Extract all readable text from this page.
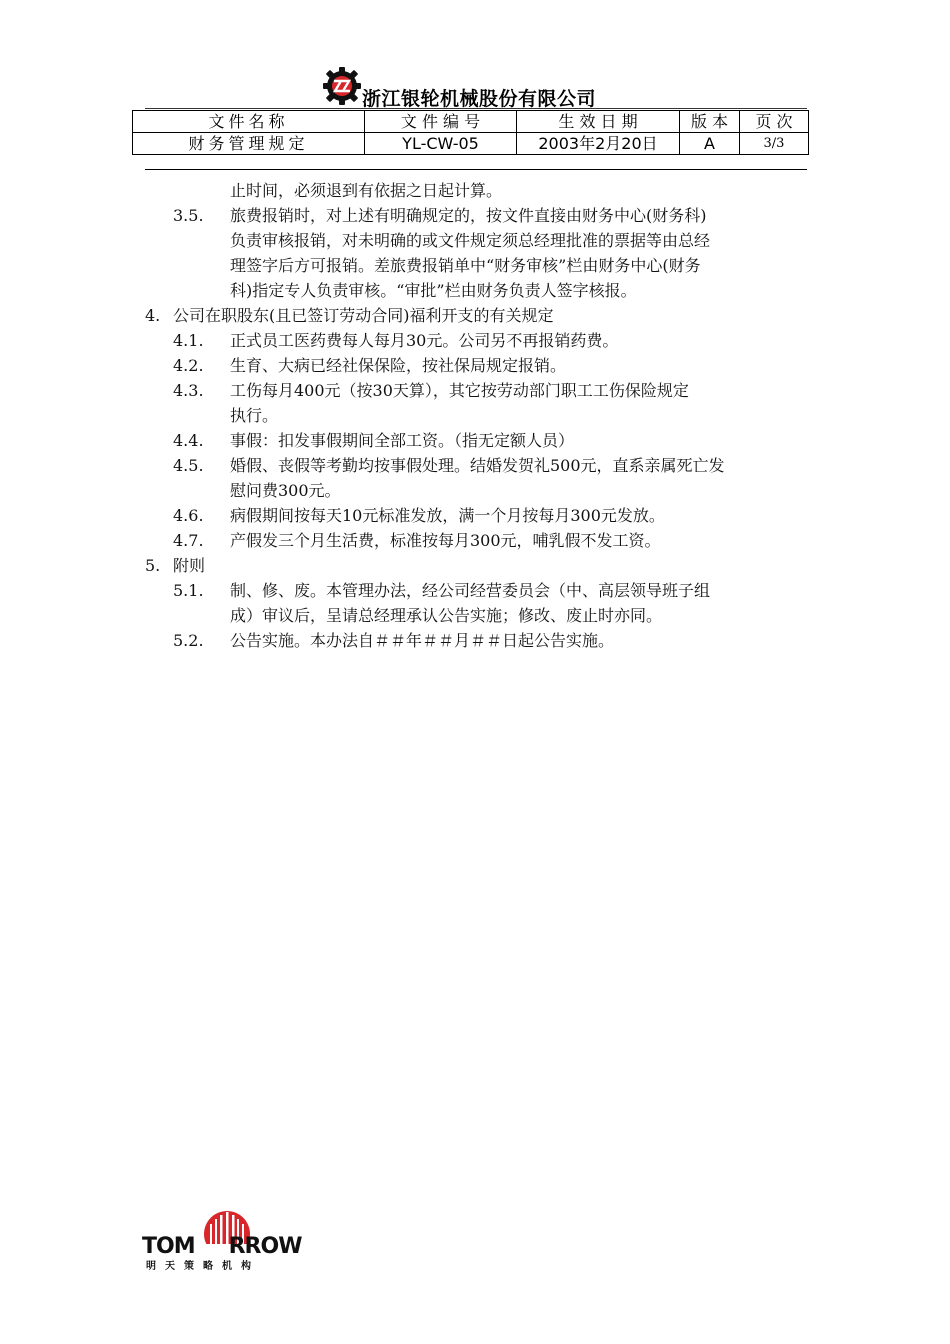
浙江银轮机械股份有限公司
文件名称	文 件 编 号	生 效 日 期	版 本	页 次
财务管理规定	YL-CW-05	2003年2月20日	A	3/3
止时间，必须退到有依据之日起计算。
3.5. 旅费报销时，对上述有明确规定的，按文件直接由财务中心(财务科)
负责审核报销，对未明确的或文件规定须总经理批准的票据等由总经
理签字后方可报销。差旅费报销单中“财务审核”栏由财务中心(财务
科)指定专人负责审核。“审批”栏由财务负责人签字核报。
4. 公司在职股东(且已签订劳动合同)福利开支的有关规定
4.1. 正式员工医药费每人每月30元。公司另不再报销药费。
4.2. 生育、大病已经社保保险，按社保局规定报销。
4.3. 工伤每月400元（按30天算），其它按劳动部门职工工伤保险规定
执行。
4.4. 事假：扣发事假期间全部工资。（指无定额人员）
4.5. 婚假、丧假等考勤均按事假处理。结婚发贺礼500元，直系亲属死亡发
慰问费300元。
4.6. 病假期间按每天10元标准发放，满一个月按每月300元发放。
4.7. 产假发三个月生活费，标准按每月300元，哺乳假不发工资。
5. 附则
5.1. 制、修、废。本管理办法，经公司经营委员会（中、高层领导班子组
成）审议后，呈请总经理承认公告实施；修改、废止时亦同。
5.2. 公告实施。本办法自＃＃年＃＃月＃＃日起公告实施。
TOM RROW
明天策略机构
